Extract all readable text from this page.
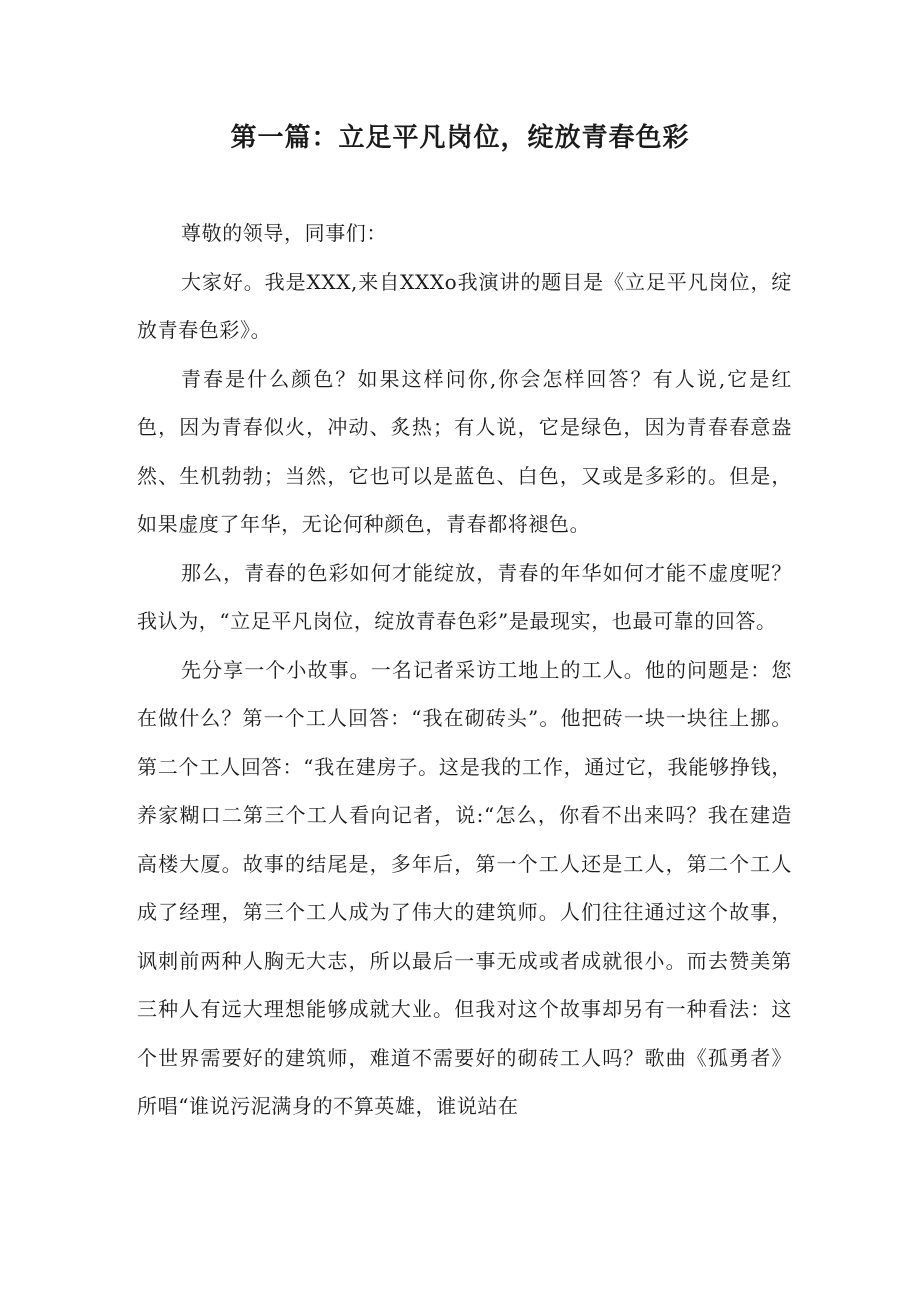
第一篇：立足平凡岗位，绽放青春色彩

尊敬的领导，同事们：

大家好。我是XXX,来自XXXo我演讲的题目是《立足平凡岗位，绽放青春色彩》。

青春是什么颜色？如果这样问你,你会怎样回答？有人说,它是红色，因为青春似火，冲动、炙热；有人说，它是绿色，因为青春春意盎然、生机勃勃；当然，它也可以是蓝色、白色，又或是多彩的。但是，如果虚度了年华，无论何种颜色，青春都将褪色。

那么，青春的色彩如何才能绽放，青春的年华如何才能不虚度呢？我认为，“立足平凡岗位，绽放青春色彩”是最现实，也最可靠的回答。

先分享一个小故事。一名记者采访工地上的工人。他的问题是：您在做什么？第一个工人回答：“我在砌砖头”。他把砖一块一块往上挪。第二个工人回答：“我在建房子。这是我的工作，通过它，我能够挣钱，养家糊口二第三个工人看向记者，说:“怎么，你看不出来吗？我在建造高楼大厦。故事的结尾是，多年后，第一个工人还是工人，第二个工人成了经理，第三个工人成为了伟大的建筑师。人们往往通过这个故事，讽刺前两种人胸无大志，所以最后一事无成或者成就很小。而去赞美第三种人有远大理想能够成就大业。但我对这个故事却另有一种看法：这个世界需要好的建筑师，难道不需要好的砌砖工人吗？歌曲《孤勇者》所唱“谁说污泥满身的不算英雄，谁说站在
